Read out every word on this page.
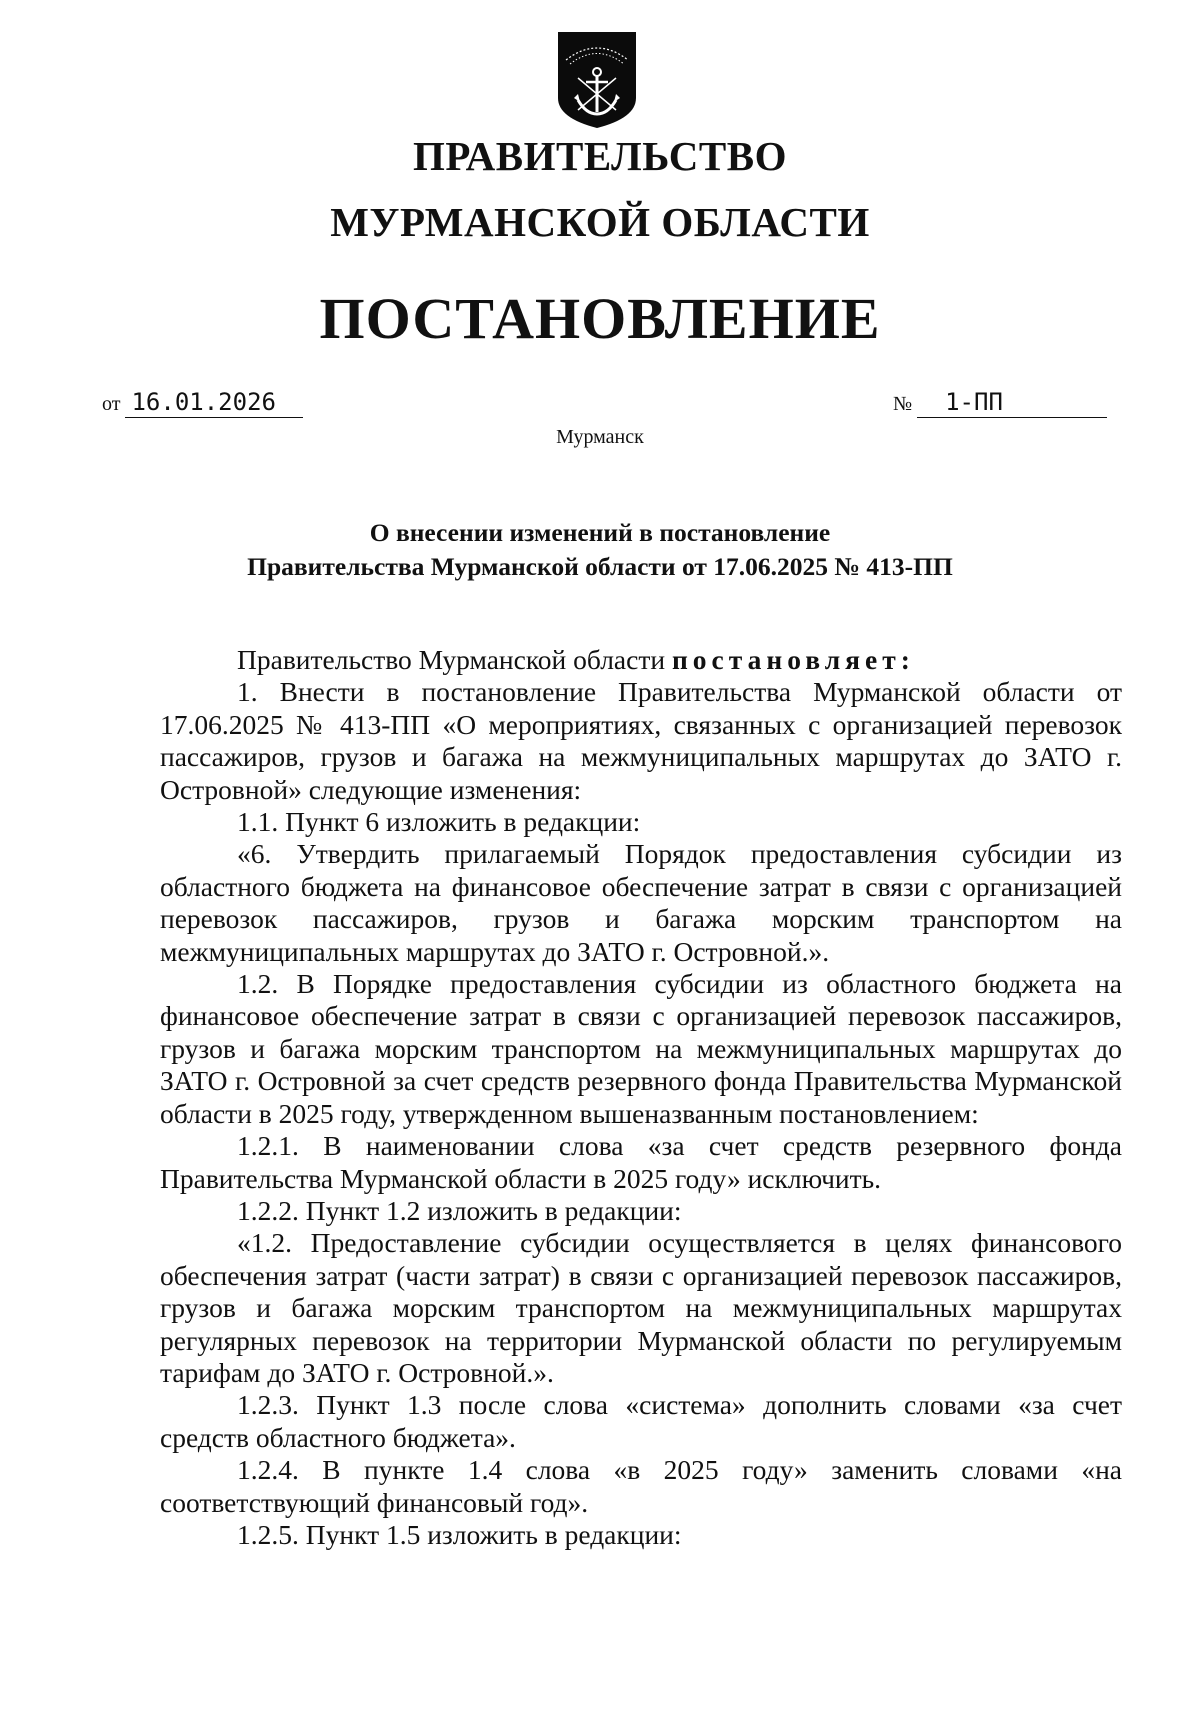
ПРАВИТЕЛЬСТВО
МУРМАНСКОЙ ОБЛАСТИ
ПОСТАНОВЛЕНИЕ
от 16.01.2026	№ 1-ПП
Мурманск
О внесении изменений в постановление
Правительства Мурманской области от 17.06.2025 № 413-ПП

Правительство Мурманской области постановляет:

1. Внести в постановление Правительства Мурманской области от 17.06.2025 № 413-ПП «О мероприятиях, связанных с организацией перевозок пассажиров, грузов и багажа на межмуниципальных маршрутах до ЗАТО г. Островной» следующие изменения:

1.1. Пункт 6 изложить в редакции:

«6. Утвердить прилагаемый Порядок предоставления субсидии из областного бюджета на финансовое обеспечение затрат в связи с организацией перевозок пассажиров, грузов и багажа морским транспортом на межмуниципальных маршрутах до ЗАТО г. Островной.».

1.2. В Порядке предоставления субсидии из областного бюджета на финансовое обеспечение затрат в связи с организацией перевозок пассажиров, грузов и багажа морским транспортом на межмуниципальных маршрутах до ЗАТО г. Островной за счет средств резервного фонда Правительства Мурманской области в 2025 году, утвержденном вышеназванным постановлением:

1.2.1. В наименовании слова «за счет средств резервного фонда Правительства Мурманской области в 2025 году» исключить.

1.2.2. Пункт 1.2 изложить в редакции:

«1.2. Предоставление субсидии осуществляется в целях финансового обеспечения затрат (части затрат) в связи с организацией перевозок пассажиров, грузов и багажа морским транспортом на межмуниципальных маршрутах регулярных перевозок на территории Мурманской области по регулируемым тарифам до ЗАТО г. Островной.».

1.2.3. Пункт 1.3 после слова «система» дополнить словами «за счет средств областного бюджета».

1.2.4. В пункте 1.4 слова «в 2025 году» заменить словами «на соответствующий финансовый год».

1.2.5. Пункт 1.5 изложить в редакции:
